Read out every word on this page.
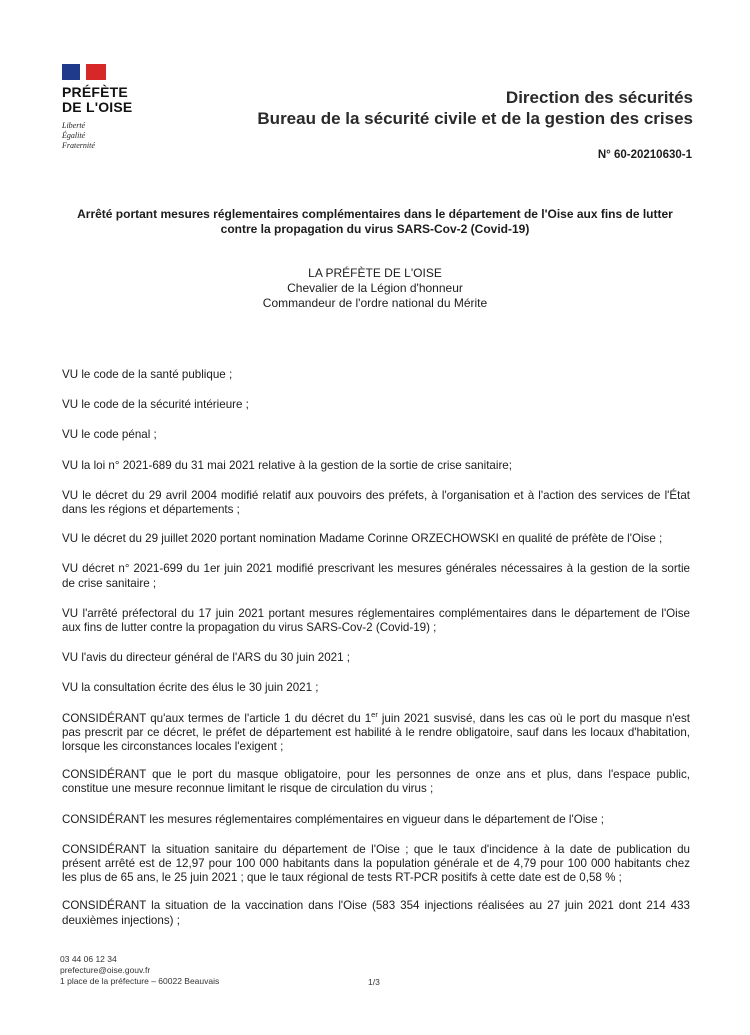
PRÉFÈTE
DE L'OISE
Liberté
Égalité
Fraternité
Direction des sécurités
Bureau de la sécurité civile et de la gestion des crises
N° 60-20210630-1
Arrêté portant mesures réglementaires complémentaires dans le département de l'Oise aux fins de lutter contre la propagation du virus SARS-Cov-2 (Covid-19)
LA PRÉFÈTE DE L'OISE
Chevalier de la Légion d'honneur
Commandeur de l'ordre national du Mérite
VU le code de la santé publique ;
VU le code de la sécurité intérieure ;
VU le code pénal ;
VU la loi n° 2021-689 du 31 mai 2021 relative à la gestion de la sortie de crise sanitaire;
VU le décret du 29 avril 2004 modifié relatif aux pouvoirs des préfets, à l'organisation et à l'action des services de l'État dans les régions et départements ;
VU le décret du 29 juillet 2020 portant nomination Madame Corinne ORZECHOWSKI en qualité de préfète de l'Oise ;
VU décret n° 2021-699 du 1er juin 2021 modifié prescrivant les mesures générales nécessaires à la gestion de la sortie de crise sanitaire ;
VU l'arrêté préfectoral du 17 juin 2021 portant mesures réglementaires complémentaires dans le département de l'Oise aux fins de lutter contre la propagation du virus SARS-Cov-2 (Covid-19) ;
VU l'avis du directeur général de l'ARS du 30 juin 2021 ;
VU la consultation écrite des élus le 30 juin 2021 ;
CONSIDÉRANT qu'aux termes de l'article 1 du décret du 1er juin 2021 susvisé, dans les cas où le port du masque n'est pas prescrit par ce décret, le préfet de département est habilité à le rendre obligatoire, sauf dans les locaux d'habitation, lorsque les circonstances locales l'exigent ;
CONSIDÉRANT que le port du masque obligatoire, pour les personnes de onze ans et plus, dans l'espace public, constitue une mesure reconnue limitant le risque de circulation du virus ;
CONSIDÉRANT les mesures réglementaires complémentaires en vigueur dans le département de l'Oise ;
CONSIDÉRANT la situation sanitaire du département de l'Oise ; que le taux d'incidence à la date de publication du présent arrêté est de 12,97 pour 100 000 habitants dans la population générale et de 4,79 pour 100 000 habitants chez les plus de 65 ans, le 25 juin 2021 ; que le taux régional de tests RT-PCR positifs à cette date est de 0,58 % ;
CONSIDÉRANT la situation de la vaccination dans l'Oise (583 354 injections réalisées au 27 juin 2021 dont 214 433 deuxièmes injections) ;
03 44 06 12 34
prefecture@oise.gouv.fr
1 place de la préfecture – 60022 Beauvais	1/3
